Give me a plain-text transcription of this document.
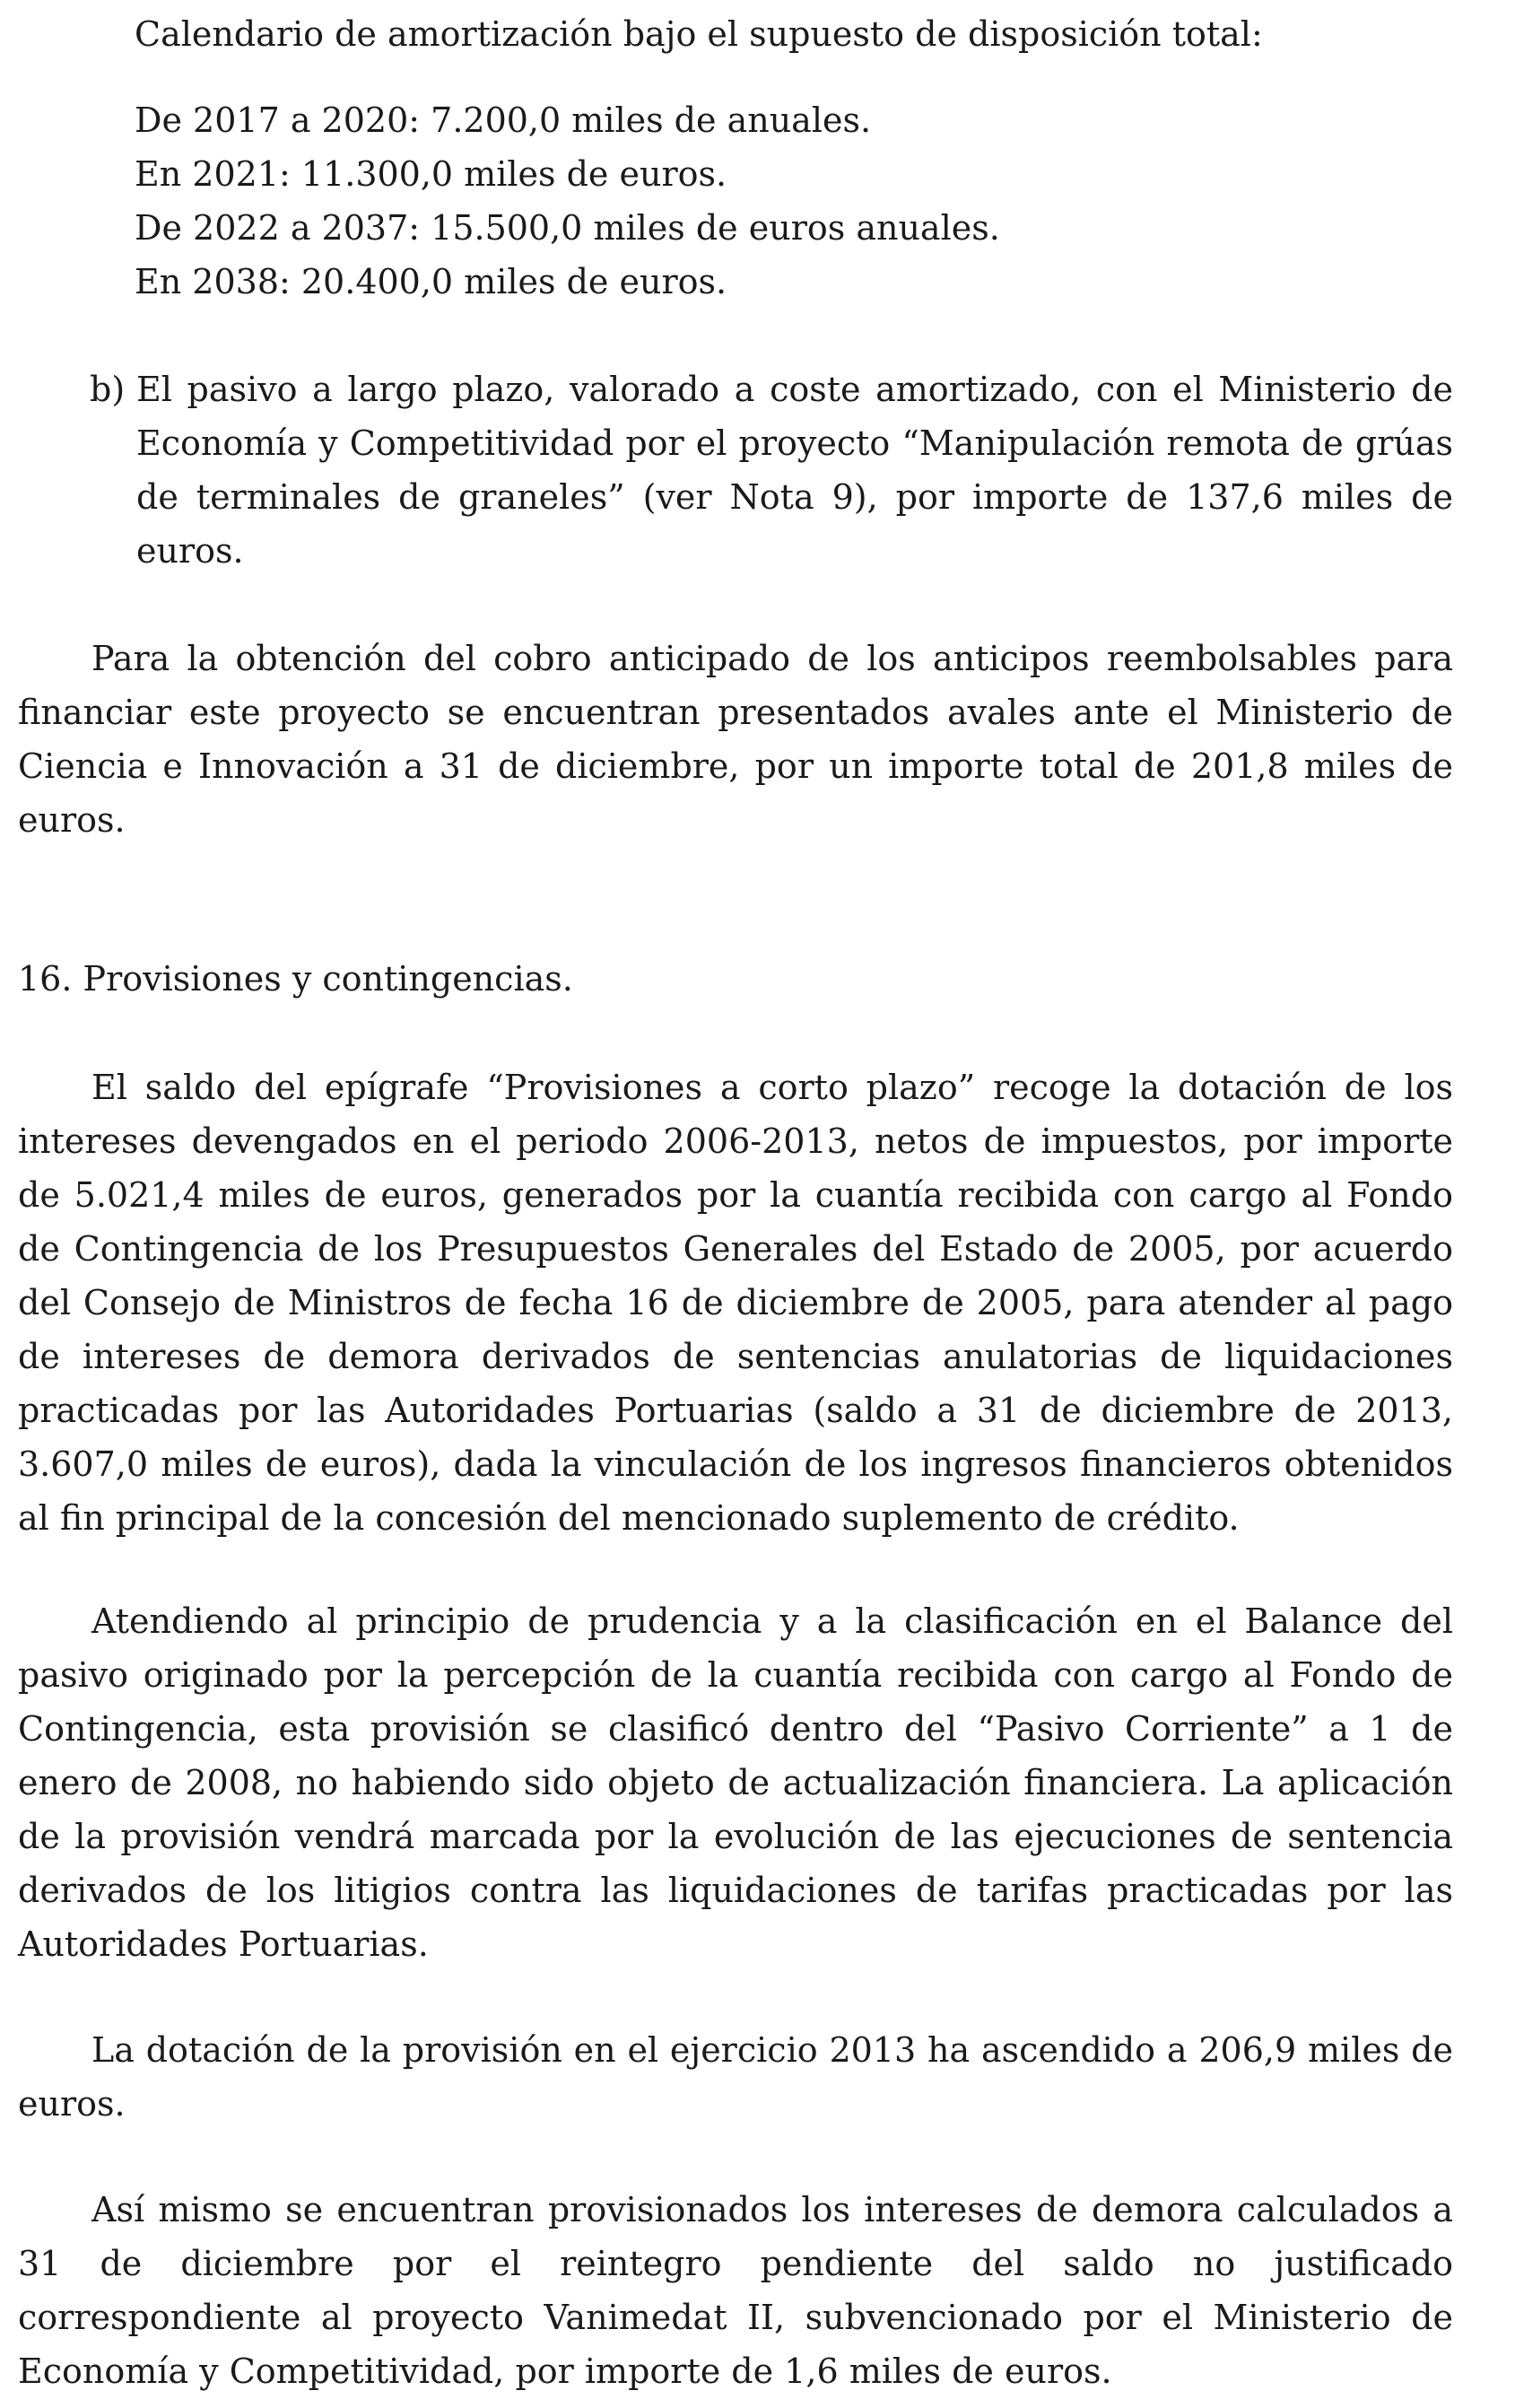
Calendario de amortización bajo el supuesto de disposición total:
De 2017 a 2020: 7.200,0 miles de anuales.
En 2021: 11.300,0 miles de euros.
De 2022 a 2037: 15.500,0 miles de euros anuales.
En 2038: 20.400,0 miles de euros.
b) El pasivo a largo plazo, valorado a coste amortizado, con el Ministerio de
Economía y Competitividad por el proyecto “Manipulación remota de grúas
de terminales de graneles” (ver Nota 9), por importe de 137,6 miles de
euros.
Para la obtención del cobro anticipado de los anticipos reembolsables para financiar este proyecto se encuentran presentados avales ante el Ministerio de Ciencia e Innovación a 31 de diciembre, por un importe total de 201,8 miles de euros.
16. Provisiones y contingencias.
El saldo del epígrafe “Provisiones a corto plazo” recoge la dotación de los intereses devengados en el periodo 2006-2013, netos de impuestos, por importe de 5.021,4 miles de euros, generados por la cuantía recibida con cargo al Fondo de Contingencia de los Presupuestos Generales del Estado de 2005, por acuerdo del Consejo de Ministros de fecha 16 de diciembre de 2005, para atender al pago de intereses de demora derivados de sentencias anulatorias de liquidaciones practicadas por las Autoridades Portuarias (saldo a 31 de diciembre de 2013, 3.607,0 miles de euros), dada la vinculación de los ingresos financieros obtenidos al fin principal de la concesión del mencionado suplemento de crédito.
Atendiendo al principio de prudencia y a la clasificación en el Balance del pasivo originado por la percepción de la cuantía recibida con cargo al Fondo de Contingencia, esta provisión se clasificó dentro del “Pasivo Corriente” a 1 de enero de 2008, no habiendo sido objeto de actualización financiera. La aplicación de la provisión vendrá marcada por la evolución de las ejecuciones de sentencia derivados de los litigios contra las liquidaciones de tarifas practicadas por las Autoridades Portuarias.
La dotación de la provisión en el ejercicio 2013 ha ascendido a 206,9 miles de euros.
Así mismo se encuentran provisionados los intereses de demora calculados a 31 de diciembre por el reintegro pendiente del saldo no justificado correspondiente al proyecto Vanimedat II, subvencionado por el Ministerio de Economía y Competitividad, por importe de 1,6 miles de euros.
